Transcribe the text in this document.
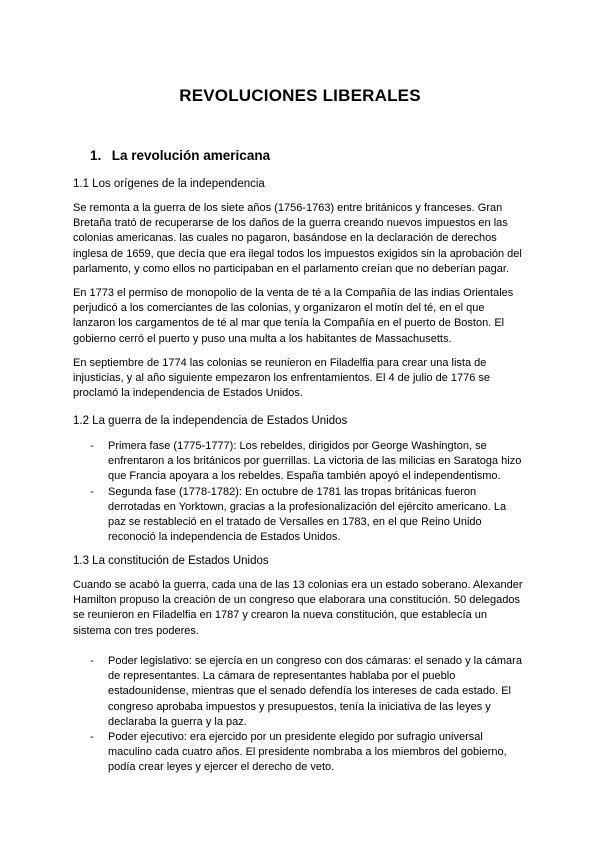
REVOLUCIONES LIBERALES
1. La revolución americana
1.1 Los orígenes de la independencia

Se remonta a la guerra de los siete años (1756-1763) entre británicos y franceses. Gran Bretaña trató de recuperarse de los daños de la guerra creando nuevos impuestos en las colonias americanas. las cuales no pagaron, basándose en la declaración de derechos inglesa de 1659, que decía que era ilegal todos los impuestos exigidos sin la aprobación del parlamento, y como ellos no participaban en el parlamento creían que no deberían pagar.

En 1773 el permiso de monopolio de la venta de té a la Compañía de las indias Orientales perjudicó a los comerciantes de las colonias, y organizaron el motín del té, en el que lanzaron los cargamentos de té al mar que tenía la Compañía en el puerto de Boston. El gobierno cerró el puerto y puso una multa a los habitantes de Massachusetts.

En septiembre de 1774 las colonias se reunieron en Filadelfia para crear una lista de injusticias, y al año siguiente empezaron los enfrentamientos. El 4 de julio de 1776 se proclamó la independencia de Estados Unidos.

1.2 La guerra de la independencia de Estados Unidos
- Primera fase (1775-1777): Los rebeldes, dirigidos por George Washington, se enfrentaron a los británicos por guerrillas. La victoria de las milicias en Saratoga hizo que Francia apoyara a los rebeldes. España también apoyó el independentismo.
- Segunda fase (1778-1782): En octubre de 1781 las tropas británicas fueron derrotadas en Yorktown, gracias a la profesionalización del ejército americano. La paz se restableció en el tratado de Versalles en 1783, en el que Reino Unido reconoció la independencia de Estados Unidos.
1.3 La constitución de Estados Unidos

Cuando se acabó la guerra, cada una de las 13 colonias era un estado soberano. Alexander Hamilton propuso la creación de un congreso que elaborara una constitución. 50 delegados se reunieron en Filadelfia en 1787 y crearon la nueva constitución, que establecía un sistema con tres poderes.

- Poder legislativo: se ejercía en un congreso con dos cámaras: el senado y la cámara de representantes. La cámara de representantes hablaba por el pueblo estadounidense, mientras que el senado defendía los intereses de cada estado. El congreso aprobaba impuestos y presupuestos, tenía la iniciativa de las leyes y declaraba la guerra y la paz.
- Poder ejecutivo: era ejercido por un presidente elegido por sufragio universal maculino cada cuatro años. El presidente nombraba a los miembros del gobierno, podía crear leyes y ejercer el derecho de veto.
